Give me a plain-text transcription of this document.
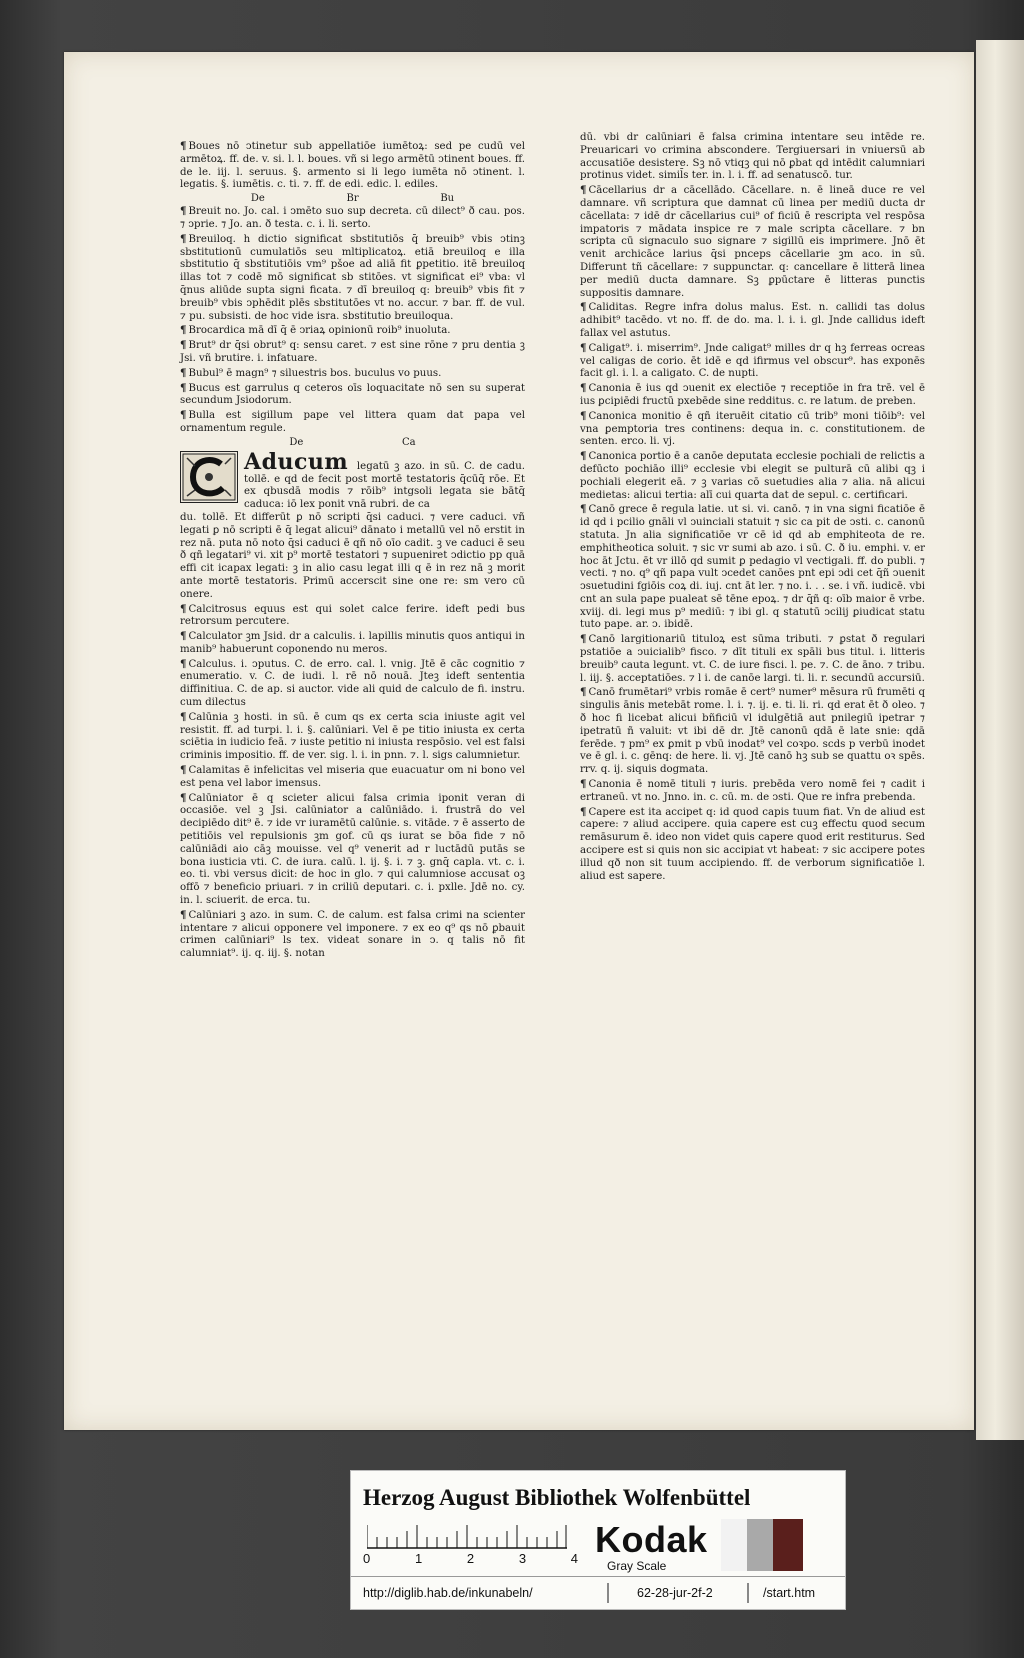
¶ Boues nō ↄtinetur sub appellatiōe iumētoꝝ: sed pe cudū vel armētoꝝ. ff. de. v. si. l. l. boues. vñ si lego armētū ↄtinent boues. ff. de le. iij. l. seruus. §. armento si li lego iumēta nō ↄtinent. l. legatis. §. iumētis. c. ti. ⁊. ff. de edi. edic. l. ediles.

De	Br	Bu

¶ Breuit no. Jo. cal. i ↄmēto suo sup decreta. cū dilect⁹ ð cau. pos. ⁊ ↄprie. ⁊ Jo. an. ð testa. c. i. li. serto.

¶ Breuiloq. h dictio significat sbstitutiōs q̄ breuib⁹ vbis ↄtinꝫ sbstitutionū cumulatiōs seu mltiplicatoꝝ. etiā breuiloq e illa sbstitutio q̄ sbstitutiōis vm⁹ pšoe ad aliā fit ꝑpetitio. itē breuiloq illas tot ⁊ codē mō significat sb stitōes. vt significat ei⁹ vba: vl q̄nus aliūde supta signi ficata. ⁊ dī breuiloq q: breuib⁹ vbis fit ⁊ breuib⁹ vbis ↄphēdit plēs sbstitutōes vt no. accur. ⁊ bar. ff. de vul. ⁊ pu. subsisti. de hoc vide isra. sbstitutio breuiloqua.

¶ Brocardica mā dī q̄ ē ↄriaꝝ opinionū roib⁹ inuoluta.

¶ Brut⁹ dr q̄si obrut⁹ q: sensu caret. ⁊ est sine rōne ⁊ pru dentia ꝫ Jsi. vñ brutire. i. infatuare.

¶ Bubul⁹ ē magn⁹ ⁊ siluestris bos. buculus vo puus.

¶ Bucus est garrulus q ceteros oīs loquacitate nō sen su superat secundum Jsiodorum.

¶ Bulla est sigillum pape vel littera quam dat papa vel ornamentum regule.

De	Ca
Aducum legatū ꝫ azo. in sū. C. de cadu. tollē. e qd de fecit post mortē testatoris q̄cūq̄ rōe. Et ex qbusdā modis ⁊ rōib⁹ intgsoli legata sie bātq̄ caduca: iō lex ponit vnā rubri. de ca

du. tollē. Et differūt ꝑ nō scripti q̄si caduci. ⁊ vere caduci. vñ legati ꝑ nō scripti ē q̄ legat alicui⁹ dānato i metallū vel nō erstit in rez nā. puta nō noto q̄si caduci ē qñ nō oīo cadit. ꝫ ve caduci ē seu ð qñ legatari⁹ vi. xit p⁹ mortē testatori ⁊ supueniret ↄdictio pp quā effi cit icapax legati: ꝫ in alio casu legat illi q ē in rez nā ꝫ morit ante mortē testatoris. Primū accerscit sine one re: sm vero cū onere.

¶ Calcitrosus equus est qui solet calce ferire. ideft pedi bus retrorsum percutere.

¶ Calculator ꝫm Jsid. dr a calculis. i. lapillis minutis quos antiqui in manib⁹ habuerunt coponendo nu meros.

¶ Calculus. i. ↄputus. C. de erro. cal. l. vnig. Jtē ē cāc cognitio ⁊ enumeratio. v. C. de iudi. l. rē nō nouā. Jteꝫ ideft sententia diffinitiua. C. de ap. si auctor. vide ali quid de calculo de fi. instru. cum dilectus

¶ Calūnia ꝫ hosti. in sū. ē cum qs ex certa scia iniuste agit vel resistit. ff. ad turpi. l. i. §. calūniari. Vel ē pe titio iniusta ex certa sciētia in iudicio feā. ⁊ iuste petitio ni iniusta respōsio. vel est falsi criminis impositio. ff. de ver. sig. l. i. in pnn. ⁊. l. sigs calumnietur.

¶ Calamitas ē infelicitas vel miseria que euacuatur om ni bono vel est pena vel labor imensus.

¶ Calūniator ē q scieter alicui falsa crimia iponit veran di occasiōe. vel ꝫ Jsi. calūniator a calūniādo. i. frustrā do vel decipiēdo dit⁹ ē. ⁊ ide vr iuramētū calūnie. s. vitāde. ⁊ ē asserto de petitiōis vel repulsionis ꝫm gof. cū qs iurat se bōa fide ⁊ nō calūniādi aio cāꝫ mouisse. vel q⁹ venerit ad r luctādū putās se bona iusticia vti. C. de iura. calū. l. ij. §. i. ⁊ ꝫ. gnq̄ capla. vt. c. i. eo. ti. vbi versus dicit: de hoc in glo. ⁊ qui calumniose accusat oꝫ offō ⁊ beneficio priuari. ⁊ in criliū deputari. c. i. pxlle. Jdē no. cy. in. l. sciuerit. de erca. tu.

¶ Calūniari ꝫ azo. in sum. C. de calum. est falsa crimi na scienter intentare ⁊ alicui opponere vel imponere. ⁊ ex eo q⁹ qs nō ꝑbauit crimen calūniari⁹ ls tex. videat sonare in ↄ. q talis nō fit calumniat⁹. ij. q. iij. §. notan

dū. vbi dr calūniari ē falsa crimina intentare seu intēde re. Preuaricari vo crimina abscondere. Tergiuersari in vniuersū ab accusatiōe desistere. Sꝫ nō vtiqꝫ qui nō ꝑbat qd intēdit calumniari protinus videt. simil̄s ter. in. l. i. ff. ad senatuscō. tur.

¶ Cācellarius dr a cācellādo. Cācellare. n. ē lineā duce re vel damnare. vñ scriptura que damnat cū linea per mediū ducta dr cācellata: ⁊ idē dr cācellarius cui⁹ of ficiū ē rescripta vel respōsa impatoris ⁊ mādata inspice re ⁊ male scripta cācellare. ⁊ bn scripta cū signaculo suo signare ⁊ sigillū eis imprimere. Jnō ēt venit archicāce larius q̄si pnceps cācellarie ꝫm aco. in sū. Differunt tñ cācellare: ⁊ suppunctar. q: cancellare ē litterā linea per mediū ducta damnare. Sꝫ ꝑpūctare ē litteras punctis suppositis damnare.

¶ Caliditas. Regre infra dolus malus. Est. n. callidi tas dolus adhibit⁹ tacēdo. vt no. ff. de do. ma. l. i. i. gl. Jnde callidus ideft fallax vel astutus.

¶ Caligat⁹. i. miserrim⁹. Jnde caligat⁹ milles dr q hꝫ ferreas ocreas vel caligas de corio. ēt idē e qd ifirmus vel obscur⁹. has exponēs facit gl. i. l. a caligato. C. de nupti.

¶ Canonia ē ius qd ↄuenit ex electiōe ⁊ receptiōe in fra trē. vel ē ius ꝑcipiēdi fructū pxebēde sine redditus. c. re latum. de preben.

¶ Canonica monitio ē qñ iteruēit citatio cū trib⁹ moni tiōib⁹: vel vna ꝑemptoria tres continens: dequa in. c. constitutionem. de senten. erco. li. vj.

¶ Canonica portio ē a canōe deputata ecclesie pochiali de relictis a defūcto pochiāo illi⁹ ecclesie vbi elegit se pulturā cū alibi qꝫ i pochiali elegerit eā. ⁊ ꝫ varias cō suetudies alia ⁊ alia. nā alicui medietas: alicui tertia: alī cui quarta dat de sepul. c. certificari.

¶ Canō grece ē regula latie. ut si. vi. canō. ⁊ in vna signi ficatiōe ē id qd i pcilio gnāli vl ↄuinciali statuit ⁊ sic ca pit de ↄsti. c. canonū statuta. Jn alia significatiōe vr cē id qd ab emphiteota de re. emphitheotica soluit. ⁊ sic vr sumi ab azo. i sū. C. ð iu. emphi. v. er hoc āt Jctu. ēt vr illō qd sumit ꝑ pedagio vl vectigali. ff. do publi. ⁊ vecti. ⁊ no. q⁹ qñ papa vult ↄcedet canōes pnt epi ↄdi cet q̄ñ ↄuenit ↄsuetudini fgiōis coꝝ di. iuj. cnt āt ler. ⁊ no. i. . . se. i vñ. iudicē. vbi cnt an sula pape pualeat sē tēne epoꝝ. ⁊ dr q̄ñ q: oīb maior ē vrbe. xviij. di. legi mus p⁹ mediū: ⁊ ibi gl. q statutū ↄcilij ꝑiudicat statu tuto pape. ar. ↄ. ibidē.

¶ Canō largitionariū tituloꝝ est sūma tributi. ⁊ ꝑstat ð regulari pstatiōe a ↄuicialib⁹ fisco. ⁊ dīt tituli ex spāli bus titul. i. litteris breuib⁹ cauta legunt. vt. C. de iure fisci. l. pe. ⁊. C. de āno. ⁊ tribu. l. iij. §. acceptatiōes. ⁊ l i. de canōe largi. ti. li. r. secundū accursiū.

¶ Canō frumētari⁹ vrbis romāe ē cert⁹ numer⁹ mēsura rū frumēti q singulis ānis metebāt rome. l. i. ⁊. ij. e. ti. li. ri. qd erat ēt ð oleo. ⁊ ð hoc fi licebat alicui bñficiū vl idulgētiā aut pnilegiū ipetrar ⁊ ipetratū ñ valuit: vt ibi dē dr. Jtē canonū qdā ē late snie: qdā ferēde. ⁊ pm⁹ ex ꝑmit p vbū inodat⁹ vel coꝛpo. scds p verbū inodet ve ē gl. i. c. gēnq: de here. li. vj. Jtē canō hꝫ sub se quattu oꝛ spēs. rrv. q. ij. siquis dogmata.

¶ Canonia ē nomē tituli ⁊ iuris. prebēda vero nomē fei ⁊ cadit i ertraneū. vt no. Jnno. in. c. cū. m. de ↄsti. Que re infra prebenda.

¶ Capere est ita accipet q: id quod capis tuum fiat. Vn de aliud est capere: ⁊ aliud accipere. quia capere est cuꝫ effectu quod secum remāsurum ē. ideo non videt quis capere quod erit restiturus. Sed accipere est si quis non sic accipiat vt habeat: ⁊ sic accipere potes illud qð non sit tuum accipiendo. ff. de verborum significatiōe l. aliud est sapere.

Herzog August Bibliothek Wolfenbüttel
0	1	2	3	4 Kodak
Gray Scale
http://diglib.hab.de/inkunabeln/	62-28-jur-2f-2	/start.htm
